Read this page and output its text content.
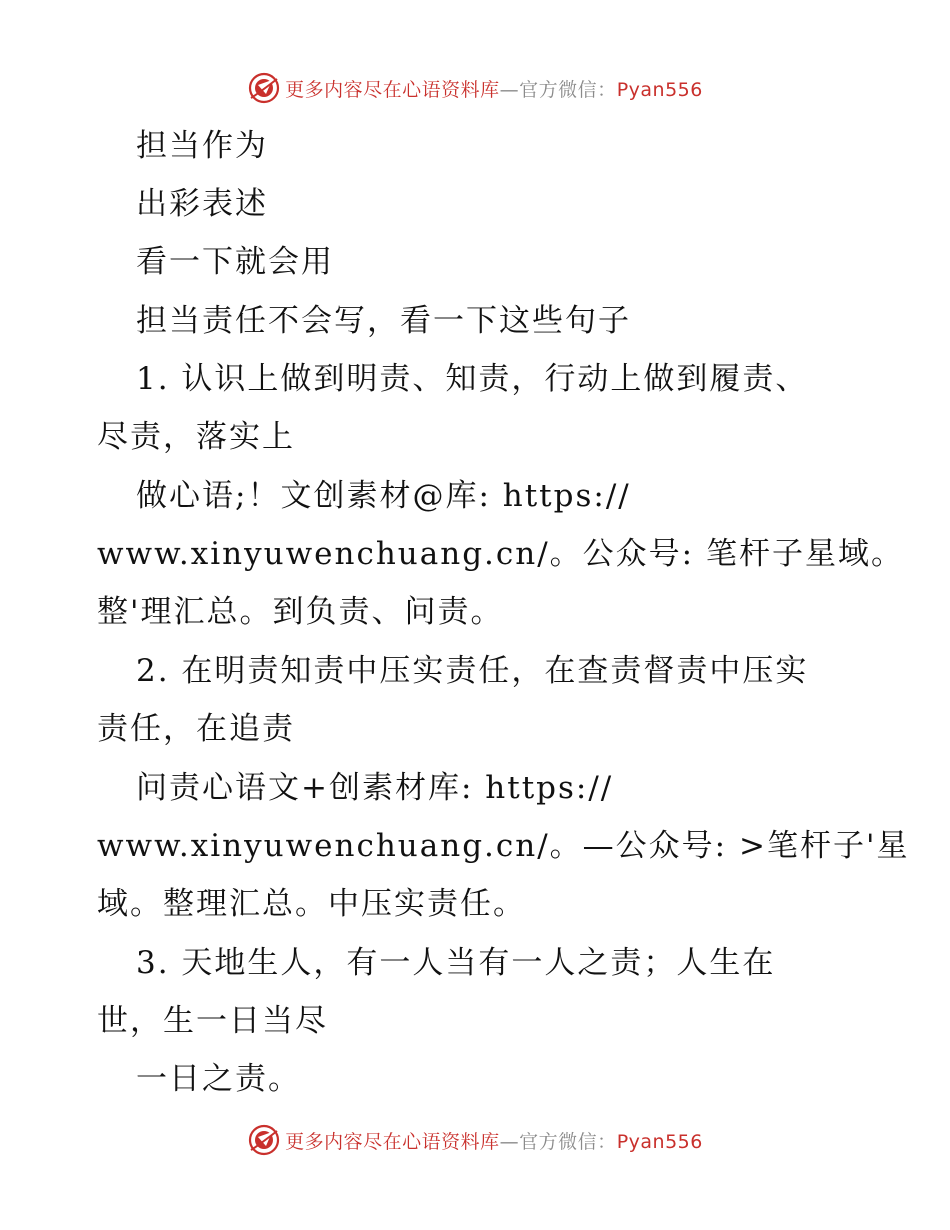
更多内容尽在心语资料库—官方微信：Pyan556
担当作为
出彩表述
看一下就会用
担当责任不会写，看一下这些句子
1. 认识上做到明责、知责，行动上做到履责、
尽责，落实上
做心语;！文创素材@库: https://
www.xinyuwenchuang.cn/。公众号: 笔杆子星域。
整'理汇总。到负责、问责。
2. 在明责知责中压实责任，在查责督责中压实
责任，在追责
问责心语文+创素材库: https://
www.xinyuwenchuang.cn/。—公众号: >笔杆子'星
域。整理汇总。中压实责任。
3. 天地生人，有一人当有一人之责；人生在
世，生一日当尽
一日之责。
更多内容尽在心语资料库—官方微信：Pyan556
